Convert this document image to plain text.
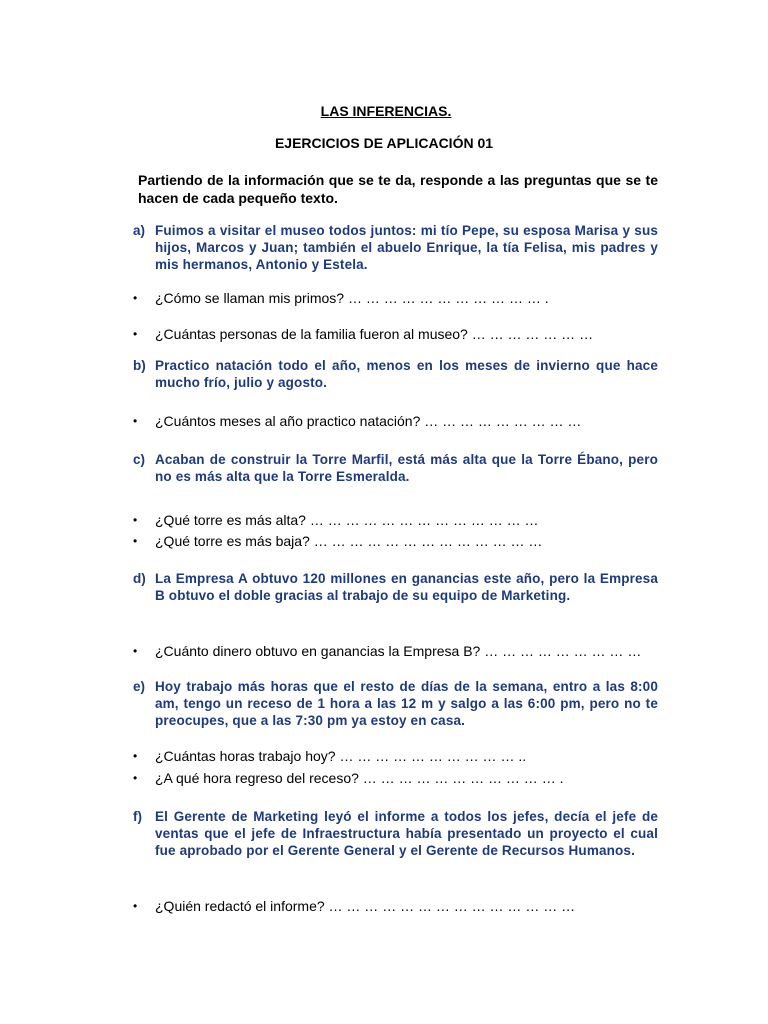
LAS INFERENCIAS.
EJERCICIOS DE APLICACIÓN 01
Partiendo de la información que se te da, responde a las preguntas que se te hacen de cada pequeño texto.
a) Fuimos a visitar el museo todos juntos: mi tío Pepe, su esposa Marisa y sus hijos, Marcos y Juan; también el abuelo Enrique, la tía Felisa, mis padres y mis hermanos, Antonio y Estela.
•	¿Cómo se llaman mis primos? … … … … … … … … … … … .
•	¿Cuántas personas de la familia fueron al museo? … … … … … … …
b) Practico natación todo el año, menos en los meses de invierno que hace mucho frío, julio y agosto.
•	¿Cuántos meses al año practico natación? … … … … … … … … …
c) Acaban de construir la Torre Marfil, está más alta que la Torre Ébano, pero no es más alta que la Torre Esmeralda.
•	¿Qué torre es más alta? … … … … … … … … … … … … …
•	¿Qué torre es más baja? … … … … … … … … … … … … …
d) La Empresa A obtuvo 120 millones en ganancias este año, pero la Empresa B obtuvo el doble gracias al trabajo de su equipo de Marketing.
•	¿Cuánto dinero obtuvo en ganancias la Empresa B? … … … … … … … … …
e) Hoy trabajo más horas que el resto de días de la semana, entro a las 8:00 am, tengo un receso de 1 hora a las 12 m y salgo a las 6:00 pm, pero no te preocupes, que a las 7:30 pm ya estoy en casa.
•	¿Cuántas horas trabajo hoy? … … … … … … … … … … ..
•	¿A qué hora regreso del receso? … … … … … … … … … … … .
f) El Gerente de Marketing leyó el informe a todos los jefes, decía el jefe de ventas que el jefe de Infraestructura había presentado un proyecto el cual fue aprobado por el Gerente General y el Gerente de Recursos Humanos.
•	¿Quién redactó el informe? … … … … … … … … … … … … … …
